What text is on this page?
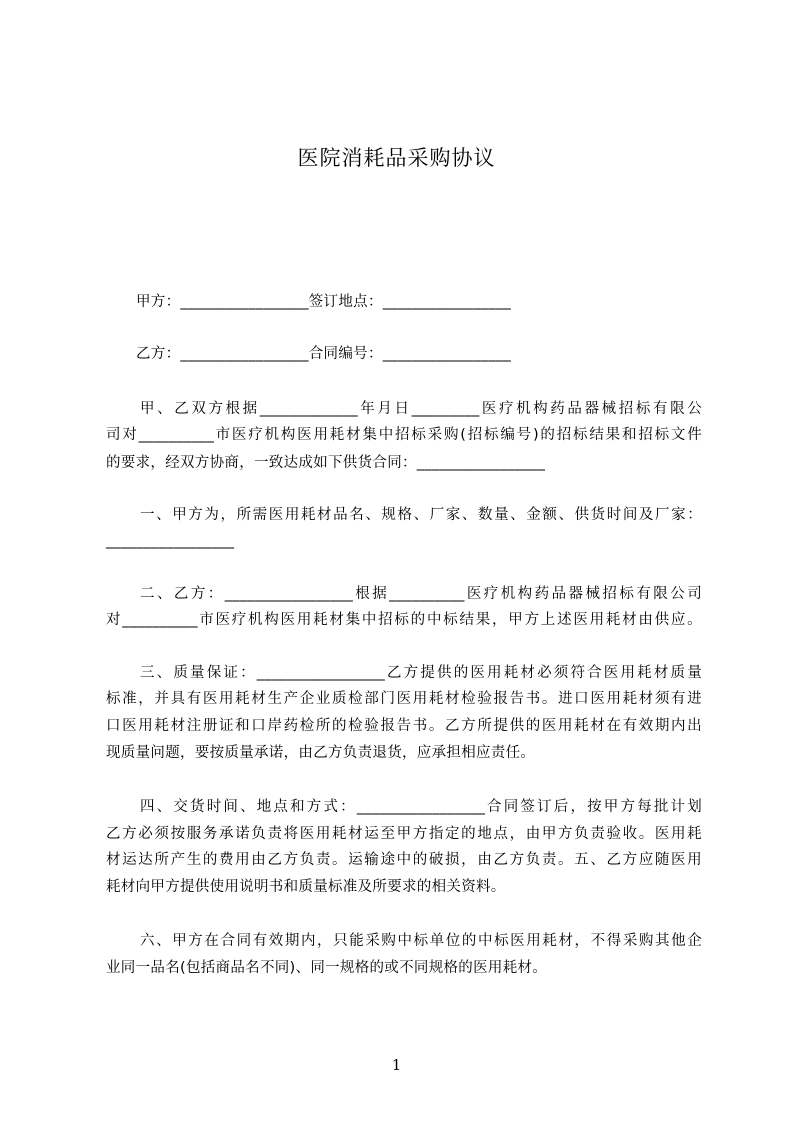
医院消耗品采购协议
甲方：_________________签订地点：_________________
乙方：_________________合同编号：_________________
甲、乙双方根据_____________年月日_________医疗机构药品器械招标有限公
司对__________市医疗机构医用耗材集中招标采购(招标编号)的招标结果和招标文件
的要求，经双方协商，一致达成如下供货合同：_________________
一、甲方为，所需医用耗材品名、规格、厂家、数量、金额、供货时间及厂家：
_________________
二、乙方：_________________根据__________医疗机构药品器械招标有限公司
对__________市医疗机构医用耗材集中招标的中标结果，甲方上述医用耗材由供应。
三、质量保证：_________________乙方提供的医用耗材必须符合医用耗材质量
标准，并具有医用耗材生产企业质检部门医用耗材检验报告书。进口医用耗材须有进
口医用耗材注册证和口岸药检所的检验报告书。乙方所提供的医用耗材在有效期内出
现质量问题，要按质量承诺，由乙方负责退货，应承担相应责任。
四、交货时间、地点和方式：_________________合同签订后，按甲方每批计划
乙方必须按服务承诺负责将医用耗材运至甲方指定的地点，由甲方负责验收。医用耗
材运达所产生的费用由乙方负责。运输途中的破损，由乙方负责。五、乙方应随医用
耗材向甲方提供使用说明书和质量标准及所要求的相关资料。
六、甲方在合同有效期内，只能采购中标单位的中标医用耗材，不得采购其他企
业同一品名(包括商品名不同)、同一规格的或不同规格的医用耗材。
1
